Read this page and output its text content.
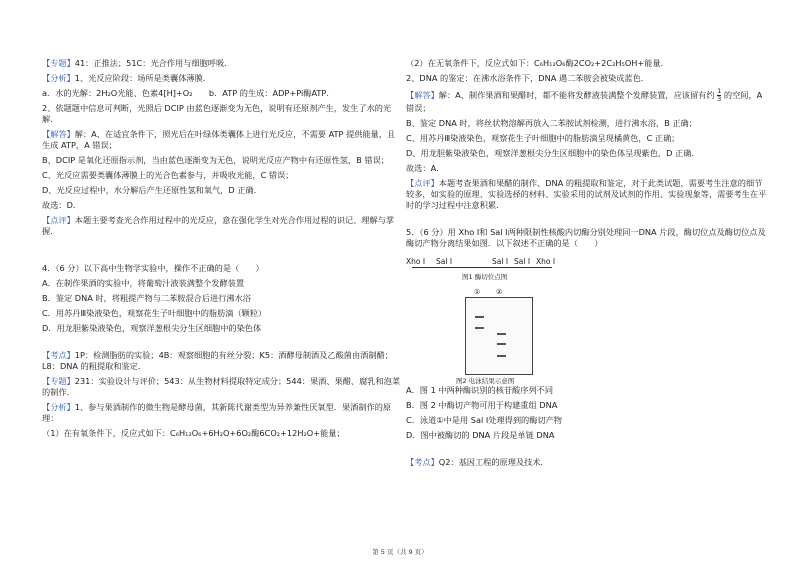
【专题】41：正推法；51C：光合作用与细胞呼吸．

【分析】1、光反应阶段：场所是类囊体薄膜．

a．水的光解：2H₂O光能、色素4[H]+O₂　　b．ATP 的生成：ADP+Pi酶ATP．

2、依题题中信息可判断，光照后 DCIP 由蓝色逐渐变为无色，说明有还原剂产生，发生了水的光解．

【解答】解：A、在适宜条件下，照光后在叶绿体类囊体上进行光反应，不需要 ATP 提供能量，且生成 ATP，A 错误；

B、DCIP 是氧化还原指示剂，当由蓝色逐渐变为无色，说明光反应产物中有还原性氢，B 错误；

C、光反应需要类囊体薄膜上的光合色素参与，并吸收光能，C 错误；

D、光反应过程中，水分解后产生还原性氢和氧气，D 正确．

故选：D．

【点评】本题主要考查光合作用过程中的光反应，意在强化学生对光合作用过程的识记、理解与掌握．

4．（6 分）以下高中生物学实验中，操作不正确的是（　　）

A．在制作果酒的实验中，将葡萄汁液装满整个发酵装置

B．鉴定 DNA 时，将粗提产物与二苯胺混合后进行沸水浴

C．用苏丹Ⅲ染液染色，观察花生子叶细胞中的脂肪滴（颗粒）

D．用龙胆紫染液染色，观察洋葱根尖分生区细胞中的染色体

【考点】1P：检测脂肪的实验；4B：观察细胞的有丝分裂；K5：酒酵母制酒及乙酸菌由酒制醋；L8：DNA 的粗提取和鉴定．

【专题】231：实验设计与评价；543：从生物材料提取特定成分；544：果酒、果醋、腐乳和泡菜的制作．

【分析】1、参与果酒制作的微生物是酵母菌，其新陈代谢类型为异养兼性厌氧型．果酒制作的原理：

（1）在有氧条件下，反应式如下：C₆H₁₂O₆+6H₂O+6O₂酶6CO₂+12H₂O+能量；

（2）在无氧条件下，反应式如下：C₆H₁₂O₆酶2CO₂+2C₂H₅OH+能量．

2、DNA 的鉴定：在沸水浴条件下，DNA 遇二苯胺会被染成蓝色．

【解答】解：A、制作果酒和果醋时，都不能将发酵液装满整个发酵装置，应该留有约 $\frac{1}{3}$ 的空间，A 错误；

B、鉴定 DNA 时，将丝状物溶解再放入二苯胺试剂检测，进行沸水浴，B 正确；

C、用苏丹Ⅲ染液染色，观察花生子叶细胞中的脂肪滴呈现橘黄色，C 正确；

D、用龙胆紫染液染色，观察洋葱根尖分生区细胞中的染色体呈现紫色，D 正确．

故选：A．

【点评】本题考查果酒和果醋的制作、DNA 的粗提取和鉴定，对于此类试题，需要考生注意的细节较多，如实验的原理、实验选择的材料、实验采用的试剂及试剂的作用、实验现象等，需要考生在平时的学习过程中注意积累．

5．（6 分）用 Xho Ⅰ和 Sal Ⅰ两种限制性核酸内切酶分别处理同一DNA 片段，酶切位点及酶切位点及酶切产物分离结果如图．以下叙述不正确的是（　　）

Xho Ⅰ Sal Ⅰ	Sal Ⅰ Sal Ⅰ Xho Ⅰ
图1 酶切位点图
① ②
图2 电泳结果示意图

A．图 1 中两种酶识别的核苷酸序列不同

B．图 2 中酶切产物可用于构建重组 DNA

C．泳道①中是用 Sal Ⅰ处理得到的酶切产物

D．图中被酶切的 DNA 片段是单链 DNA

【考点】Q2：基因工程的原理及技术．

第 5 页（共 9 页）
